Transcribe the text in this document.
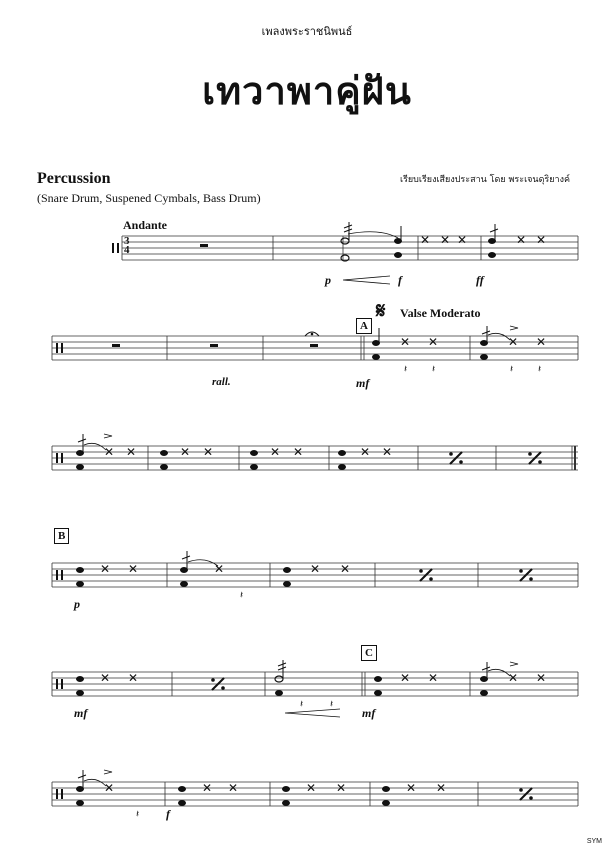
เพลงพระราชนิพนธ์
เทวาพาคู่ฝัน
Percussion
(Snare Drum, Suspened Cymbals, Bass Drum)
เรียบเรียงเสียงประสาน โดย พระเจนดุริยางค์
Andante
p	f	ff
𝄋 Valse Moderato
A
rall.	mf
B
p
C
mf	mf
f
3
4
✕ ✕ ✕	✕ ✕
✕ ✕
𝄽 𝄽
✕ ✕
𝄽 𝄽
✕ ✕	✕ ✕	✕ ✕	✕ ✕
✕ ✕	✕
𝄽
✕ ✕
✕ ✕
𝄽	𝄽
✕ ✕	✕ ✕
✕
𝄽
✕ ✕	✕ ✕	✕ ✕
SYM
